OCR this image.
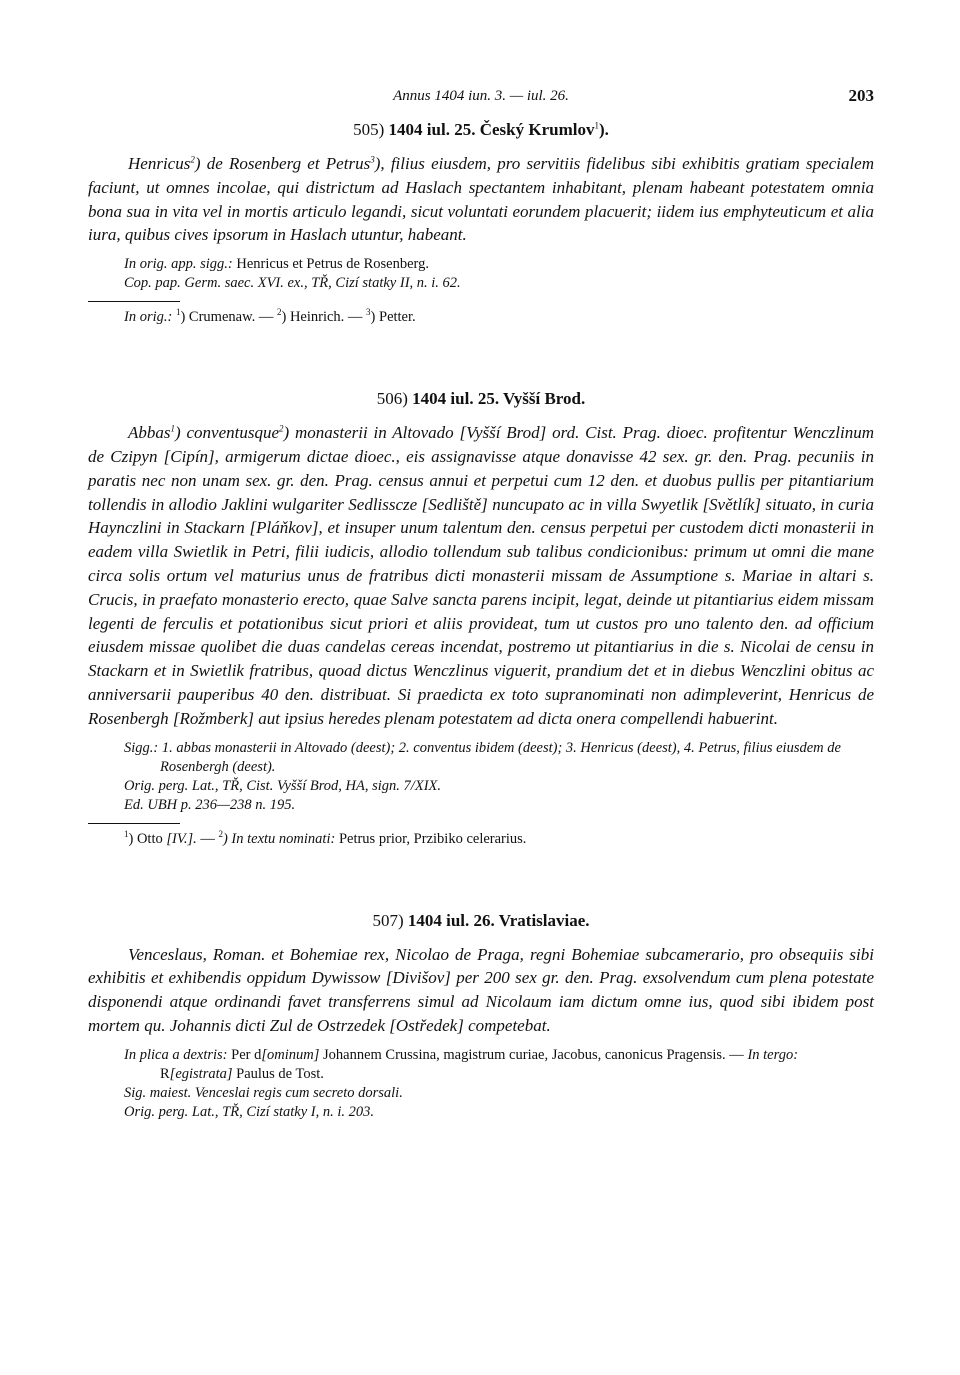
Annus 1404 iun. 3. — iul. 26.	203
505) 1404 iul. 25. Český Krumlov$^1$).

Henricus$^2$) de Rosenberg et Petrus$^3$), filius eiusdem, pro servitiis fidelibus sibi exhibitis gratiam specialem faciunt, ut omnes incolae, qui districtum ad Haslach spectantem inhabitant, plenam habeant potestatem omnia bona sua in vita vel in mortis articulo legandi, sicut voluntati eorundem placuerit; iidem ius emphyteuticum et alia iura, quibus cives ipsorum in Haslach utuntur, habeant.

In orig. app. sigg.: Henricus et Petrus de Rosenberg.
Cop. pap. Germ. saec. XVI. ex., TŘ, Cizí statky II, n. i. 62.
In orig.: $^1$) Crumenaw. — $^2$) Heinrich. — $^3$) Petter.
506) 1404 iul. 25. Vyšší Brod.

Abbas$^1$) conventusque$^2$) monasterii in Altovado [Vyšší Brod] ord. Cist. Prag. dioec. profitentur Wenczlinum de Czipyn [Cipín], armigerum dictae dioec., eis assignavisse atque donavisse 42 sex. gr. den. Prag. pecuniis in paratis nec non unam sex. gr. den. Prag. census annui et perpetui cum 12 den. et duobus pullis per pitantiarium tollendis in allodio Jaklini wulgariter Sedlissсze [Sedliště] nuncupato ac in villa Swyetlik [Světlík] situato, in curia Haynczlini in Stackarn [Pláňkov], et insuper unum talentum den. census perpetui per custodem dicti monasterii in eadem villa Swietlik in Petri, filii iudicis, allodio tollendum sub talibus condicionibus: primum ut omni die mane circa solis ortum vel maturius unus de fratribus dicti monasterii missam de Assumptione s. Mariae in altari s. Crucis, in praefato monasterio erecto, quae Salve sancta parens incipit, legat, deinde ut pitantiarius eidem missam legenti de ferculis et potationibus sicut priori et aliis provideat, tum ut custos pro uno talento den. ad officium eiusdem missae quolibet die duas candelas cereas incendat, postremo ut pitantiarius in die s. Nicolai de censu in Stackarn et in Swietlik fratribus, quoad dictus Wenczlinus viguerit, prandium det et in diebus Wenczlini obitus ac anniversarii pauperibus 40 den. distribuat. Si praedicta ex toto supranominati non adimpleverint, Henricus de Rosenbergh [Rožmberk] aut ipsius heredes plenam potestatem ad dicta onera compellendi habuerint.

Sigg.: 1. abbas monasterii in Altovado (deest); 2. conventus ibidem (deest); 3. Henricus (deest), 4. Petrus, filius eiusdem de Rosenbergh (deest).
Orig. perg. Lat., TŘ, Cist. Vyšší Brod, HA, sign. 7/XIX.
Ed. UBH p. 236—238 n. 195.
$^1$) Otto [IV.]. — $^2$) In textu nominati: Petrus prior, Przibiko celerarius.
507) 1404 iul. 26. Vratislaviae.

Venceslaus, Roman. et Bohemiae rex, Nicolao de Praga, regni Bohemiae subcamerario, pro obsequiis sibi exhibitis et exhibendis oppidum Dywissow [Divišov] per 200 sex gr. den. Prag. exsolvendum cum plena potestate disponendi atque ordinandi favet transferrens simul ad Nicolaum iam dictum omne ius, quod sibi ibidem post mortem qu. Johannis dicti Zul de Ostrzedek [Ostředek] competebat.

In plica a dextris: Per d[ominum] Johannem Crussina, magistrum curiae, Jacobus, canonicus Pragensis. — In tergo: R[egistrata] Paulus de Tost.
Sig. maiest. Venceslai regis cum secreto dorsali.
Orig. perg. Lat., TŘ, Cizí statky I, n. i. 203.
